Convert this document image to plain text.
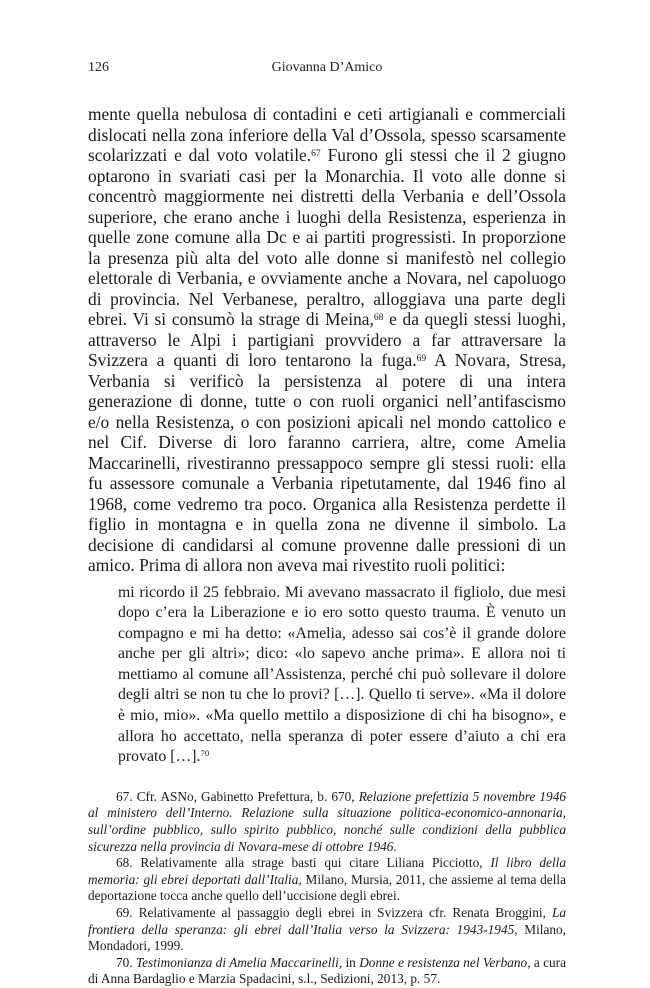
126	Giovanna D’Amico

mente quella nebulosa di contadini e ceti artigianali e commerciali dislocati nella zona inferiore della Val d’Ossola, spesso scarsamente scolarizzati e dal voto volatile.$^{67}$ Furono gli stessi che il 2 giugno optarono in svariati casi per la Monarchia. Il voto alle donne si concentrò maggiormente nei distretti della Verbania e dell’Ossola superiore, che erano anche i luoghi della Resistenza, esperienza in quelle zone comune alla Dc e ai partiti progressisti. In proporzione la presenza più alta del voto alle donne si manifestò nel collegio elettorale di Verbania, e ovviamente anche a Novara, nel capoluogo di provincia. Nel Verbanese, peraltro, alloggiava una parte degli ebrei. Vi si consumò la strage di Meina,$^{68}$ e da quegli stessi luoghi, attraverso le Alpi i partigiani provvidero a far attraversare la Svizzera a quanti di loro tentarono la fuga.$^{69}$ A Novara, Stresa, Verbania si verificò la persistenza al potere di una intera generazione di donne, tutte o con ruoli organici nell’antifascismo e/o nella Resistenza, o con posizioni apicali nel mondo cattolico e nel Cif. Diverse di loro faranno carriera, altre, come Amelia Maccarinelli, rivestiranno pressappoco sempre gli stessi ruoli: ella fu assessore comunale a Verbania ripetutamente, dal 1946 fino al 1968, come vedremo tra poco. Organica alla Resistenza perdette il figlio in montagna e in quella zona ne divenne il simbolo. La decisione di candidarsi al comune provenne dalle pressioni di un amico. Prima di allora non aveva mai rivestito ruoli politici:

mi ricordo il 25 febbraio. Mi avevano massacrato il figliolo, due mesi dopo c’era la Liberazione e io ero sotto questo trauma. È venuto un compagno e mi ha detto: «Amelia, adesso sai cos’è il grande dolore anche per gli altri»; dico: «lo sapevo anche prima». E allora noi ti mettiamo al comune all’Assistenza, perché chi può sollevare il dolore degli altri se non tu che lo provi? […]. Quello ti serve». «Ma il dolore è mio, mio». «Ma quello mettilo a disposizione di chi ha bisogno», e allora ho accettato, nella speranza di poter essere d’aiuto a chi era provato […].$^{70}$

67. Cfr. ASNo, Gabinetto Prefettura, b. 670, Relazione prefettizia 5 novembre 1946 al ministero dell’Interno. Relazione sulla situazione politica-economico-annonaria, sull’ordine pubblico, sullo spirito pubblico, nonché sulle condizioni della pubblica sicurezza nella provincia di Novara-mese di ottobre 1946.

68. Relativamente alla strage basti qui citare Liliana Picciotto, Il libro della memoria: gli ebrei deportati dall’Italia, Milano, Mursia, 2011, che assieme al tema della deportazione tocca anche quello dell’uccisione degli ebrei.

69. Relativamente al passaggio degli ebrei in Svizzera cfr. Renata Broggini, La frontiera della speranza: gli ebrei dall’Italia verso la Svizzera: 1943-1945, Milano, Mondadori, 1999.

70. Testimonianza di Amelia Maccarinelli, in Donne e resistenza nel Verbano, a cura di Anna Bardaglio e Marzia Spadacini, s.l., Sedizioni, 2013, p. 57.
